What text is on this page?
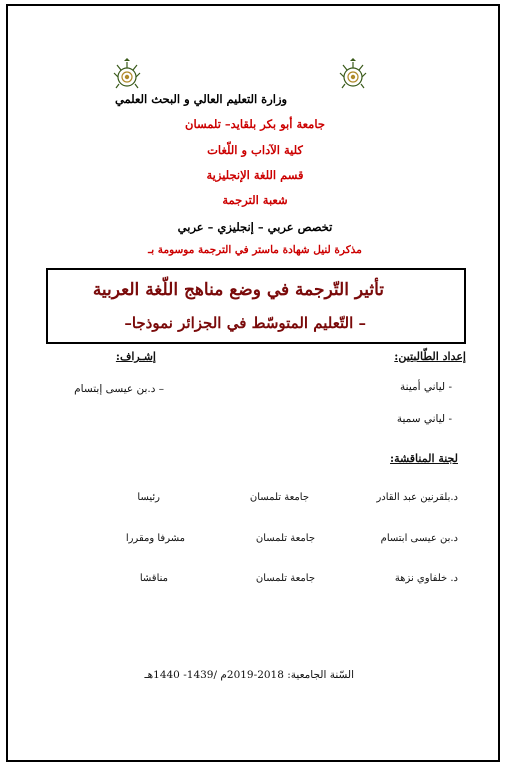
وزارة التعليم العالي و البحث العلمي
جامعة أبو بكر بلقايد– تلمسان
كلية الآداب و اللّغات
قسم اللغة الإنجليزية
شعبة الترجمة
تخصص عربي – إنجليزي – عربي
مذكرة لنيل شهادة ماستر في الترجمة موسومة بـ
تأثير التّرجمة في وضع مناهج اللّغة العربية
– التّعليم المتوسّط في الجزائر نموذجا–
إعداد الطّالبتين:
- لياني أمينة
- لياني سمية
إشـراف:
– د.بن عيسى إبتسام
لجنة المناقشة:
د.بلقرنين عبد القادر
جامعة تلمسان
رئيسا
د.بن عيسى ابتسام
جامعة تلمسان
مشرفا ومقررا
د. خلفاوي نزهة
جامعة تلمسان
مناقشا
السّنة الجامعية: 2018-2019م /1439- 1440هـ
